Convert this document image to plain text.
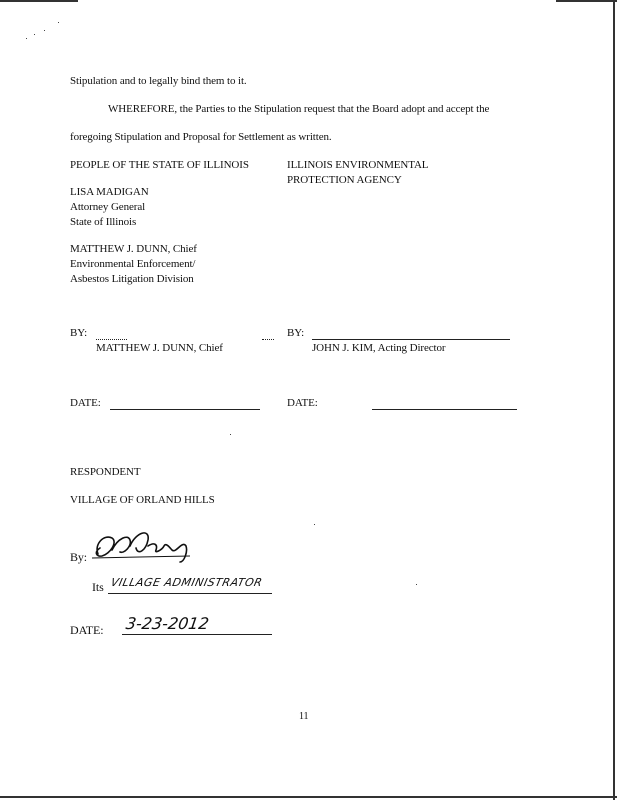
Stipulation and to legally bind them to it.
WHEREFORE, the Parties to the Stipulation request that the Board adopt and accept the
foregoing Stipulation and Proposal for Settlement as written.
PEOPLE OF THE STATE OF ILLINOIS
LISA MADIGAN
Attorney General
State of Illinois
MATTHEW J. DUNN, Chief
Environmental Enforcement/
Asbestos Litigation Division
ILLINOIS ENVIRONMENTAL
PROTECTION AGENCY
BY:
MATTHEW J. DUNN, Chief
BY:
JOHN J. KIM, Acting Director
DATE:	DATE:
RESPONDENT
VILLAGE OF ORLAND HILLS
By:
Its VILLAGE ADMINISTRATOR
DATE: 3-23-2012
11
